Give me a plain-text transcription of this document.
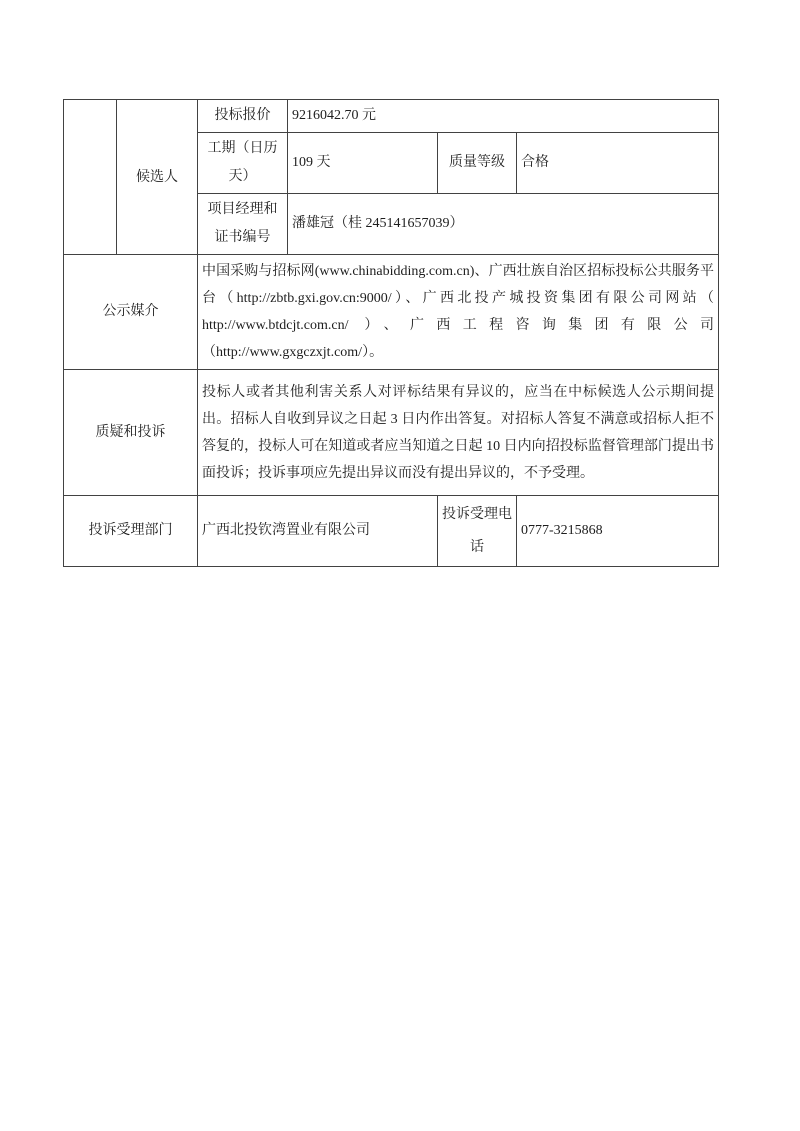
	候选人	投标报价	9216042.70 元		
		工期（日历天）	109 天	质量等级	合格
		项目经理和证书编号	潘雄冠（桂 245141657039）		
公示媒介		中国采购与招标网(www.chinabidding.com.cn)、广西壮族自治区招标投标公共服务平台（http://zbtb.gxi.gov.cn:9000/）、广西北投产城投资集团有限公司网站（ http://www.btdcjt.com.cn/ ）、广西工程咨询集团有限公司（http://www.gxgczxjt.com/）。			
质疑和投诉		投标人或者其他利害关系人对评标结果有异议的，应当在中标候选人公示期间提出。招标人自收到异议之日起 3 日内作出答复。对招标人答复不满意或招标人拒不答复的，投标人可在知道或者应当知道之日起 10 日内向招投标监督管理部门提出书面投诉；投诉事项应先提出异议而没有提出异议的，不予受理。			
投诉受理部门		广西北投钦湾置业有限公司		投诉受理电话	0777-3215868
